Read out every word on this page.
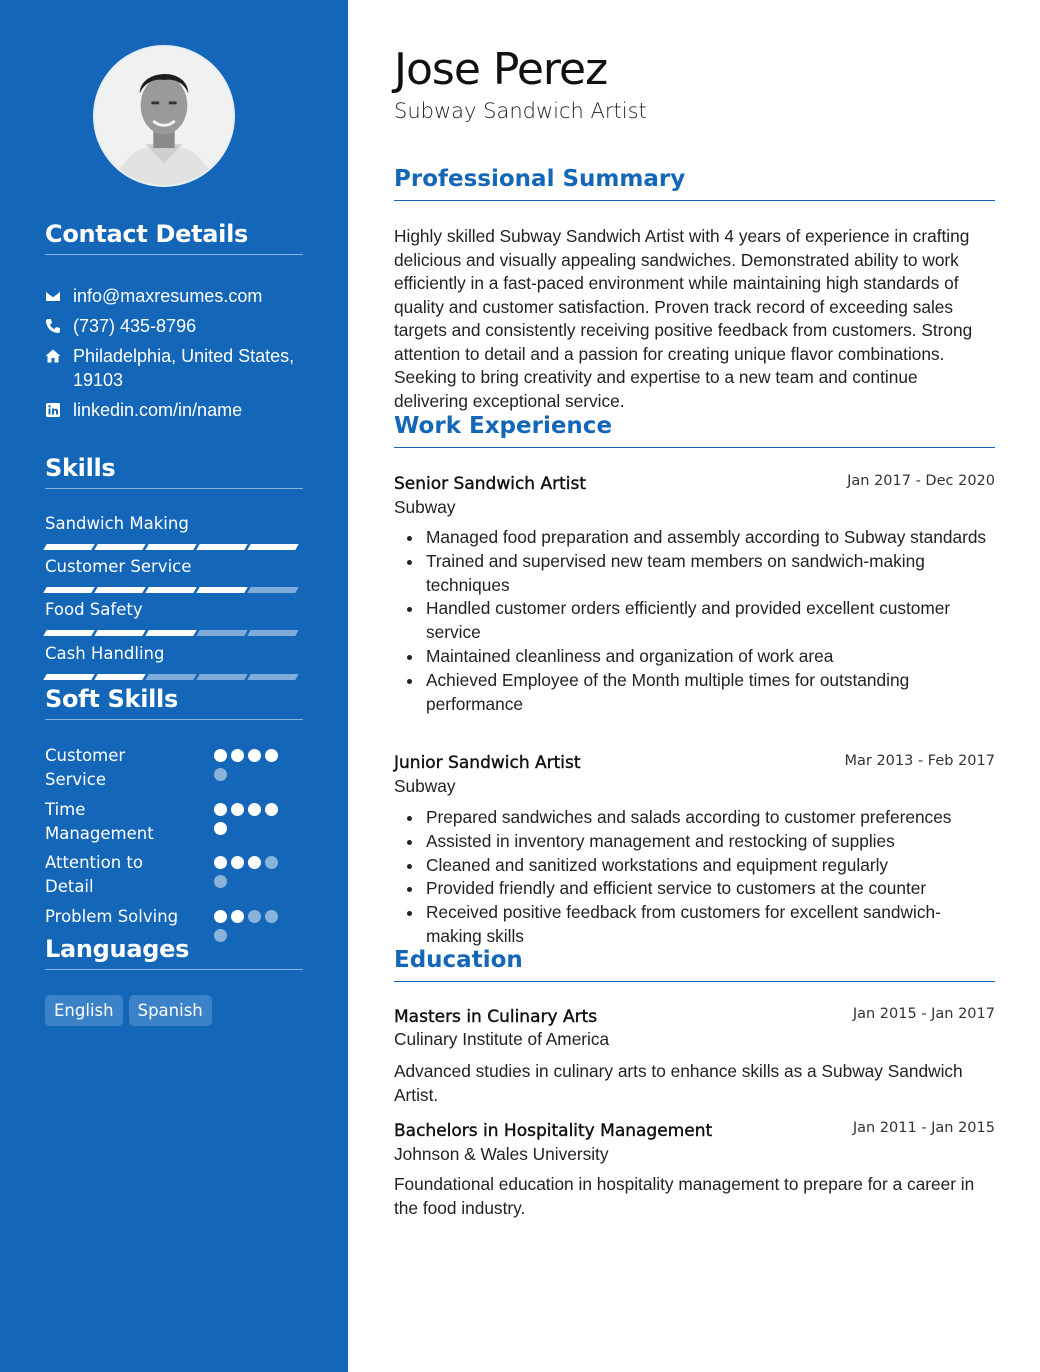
Contact Details
info@maxresumes.com
(737) 435-8796
Philadelphia, United States, 19103
linkedin.com/in/name
Skills
Sandwich Making
Customer Service
Food Safety
Cash Handling
Soft Skills
Customer Service
Time Management
Attention to Detail
Problem Solving
Languages
English	Spanish
Jose Perez
Subway Sandwich Artist
Professional Summary

Highly skilled Subway Sandwich Artist with 4 years of experience in crafting delicious and visually appealing sandwiches. Demonstrated ability to work efficiently in a fast-paced environment while maintaining high standards of quality and customer satisfaction. Proven track record of exceeding sales targets and consistently receiving positive feedback from customers. Strong attention to detail and a passion for creating unique flavor combinations. Seeking to bring creativity and expertise to a new team and continue delivering exceptional service.

Work Experience
Senior Sandwich Artist	Jan 2017 - Dec 2020
Subway
Managed food preparation and assembly according to Subway standards
Trained and supervised new team members on sandwich-making techniques
Handled customer orders efficiently and provided excellent customer service
Maintained cleanliness and organization of work area
Achieved Employee of the Month multiple times for outstanding performance
Junior Sandwich Artist	Mar 2013 - Feb 2017
Subway
Prepared sandwiches and salads according to customer preferences
Assisted in inventory management and restocking of supplies
Cleaned and sanitized workstations and equipment regularly
Provided friendly and efficient service to customers at the counter
Received positive feedback from customers for excellent sandwich-making skills
Education
Masters in Culinary Arts	Jan 2015 - Jan 2017
Culinary Institute of America

Advanced studies in culinary arts to enhance skills as a Subway Sandwich Artist.

Bachelors in Hospitality Management	Jan 2011 - Jan 2015
Johnson & Wales University

Foundational education in hospitality management to prepare for a career in the food industry.
